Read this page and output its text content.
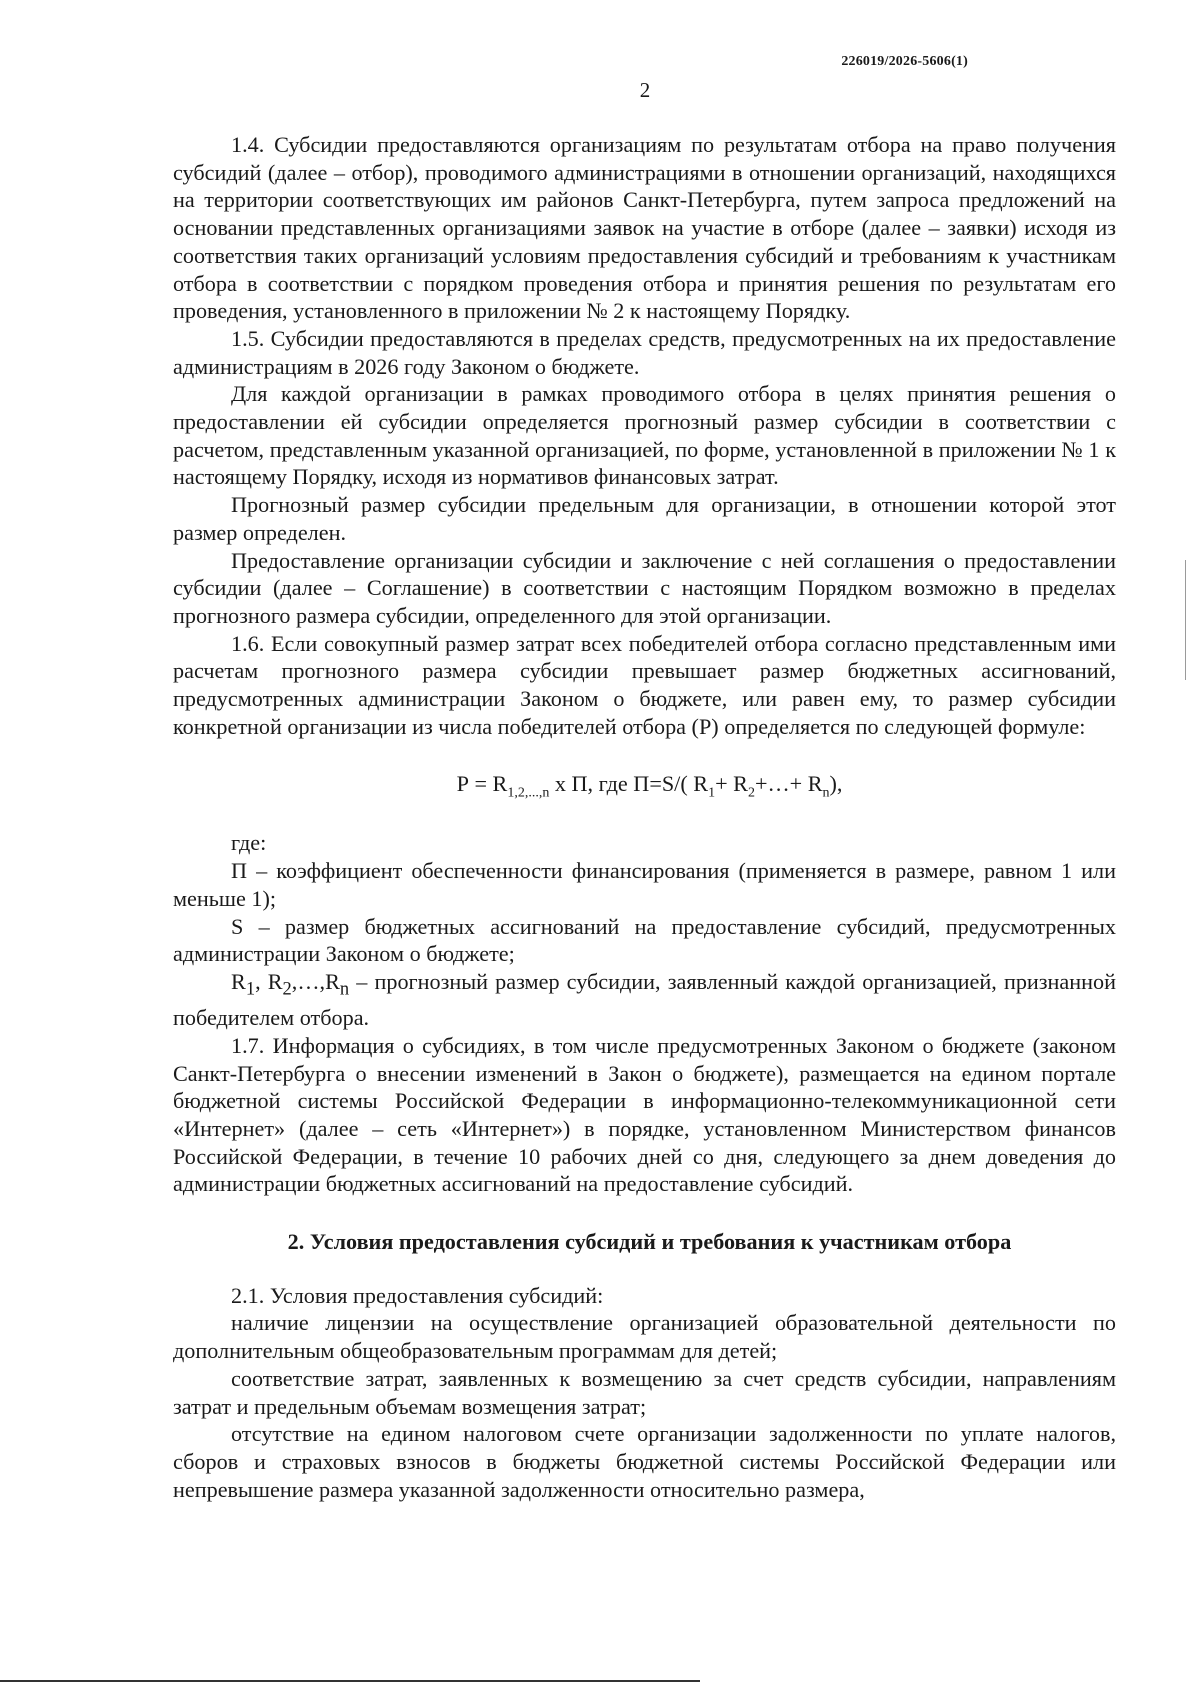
226019/2026-5606(1)
2

1.4. Субсидии предоставляются организациям по результатам отбора на право получения субсидий (далее – отбор), проводимого администрациями в отношении организаций, находящихся на территории соответствующих им районов Санкт-Петербурга, путем запроса предложений на основании представленных организациями заявок на участие в отборе (далее – заявки) исходя из соответствия таких организаций условиям предоставления субсидий и требованиям к участникам отбора в соответствии с порядком проведения отбора и принятия решения по результатам его проведения, установленного в приложении № 2 к настоящему Порядку.

1.5. Субсидии предоставляются в пределах средств, предусмотренных на их предоставление администрациям в 2026 году Законом о бюджете.

Для каждой организации в рамках проводимого отбора в целях принятия решения о предоставлении ей субсидии определяется прогнозный размер субсидии в соответствии с расчетом, представленным указанной организацией, по форме, установленной в приложении № 1 к настоящему Порядку, исходя из нормативов финансовых затрат.

Прогнозный размер субсидии предельным для организации, в отношении которой этот размер определен.

Предоставление организации субсидии и заключение с ней соглашения о предоставлении субсидии (далее – Соглашение) в соответствии с настоящим Порядком возможно в пределах прогнозного размера субсидии, определенного для этой организации.

1.6. Если совокупный размер затрат всех победителей отбора согласно представленным ими расчетам прогнозного размера субсидии превышает размер бюджетных ассигнований, предусмотренных администрации Законом о бюджете, или равен ему, то размер субсидии конкретной организации из числа победителей отбора (Р) определяется по следующей формуле:

$Р = R_{1,2,...,n}$ х П, где П=S/( $R_1+$ $R_2+\dots+ R_n$),

где:

П – коэффициент обеспеченности финансирования (применяется в размере, равном 1 или меньше 1);

S – размер бюджетных ассигнований на предоставление субсидий, предусмотренных администрации Законом о бюджете;

$R_1$, $R_2,\dots,R_n$ – прогнозный размер субсидии, заявленный каждой организацией, признанной победителем отбора.

1.7. Информация о субсидиях, в том числе предусмотренных Законом о бюджете (законом Санкт-Петербурга о внесении изменений в Закон о бюджете), размещается на едином портале бюджетной системы Российской Федерации в информационно-телекоммуникационной сети «Интернет» (далее – сеть «Интернет») в порядке, установленном Министерством финансов Российской Федерации, в течение 10 рабочих дней со дня, следующего за днем доведения до администрации бюджетных ассигнований на предоставление субсидий.

2. Условия предоставления субсидий и требования к участникам отбора

2.1. Условия предоставления субсидий:

наличие лицензии на осуществление организацией образовательной деятельности по дополнительным общеобразовательным программам для детей;

соответствие затрат, заявленных к возмещению за счет средств субсидии, направлениям затрат и предельным объемам возмещения затрат;

отсутствие на едином налоговом счете организации задолженности по уплате налогов, сборов и страховых взносов в бюджеты бюджетной системы Российской Федерации или непревышение размера указанной задолженности относительно размера,
